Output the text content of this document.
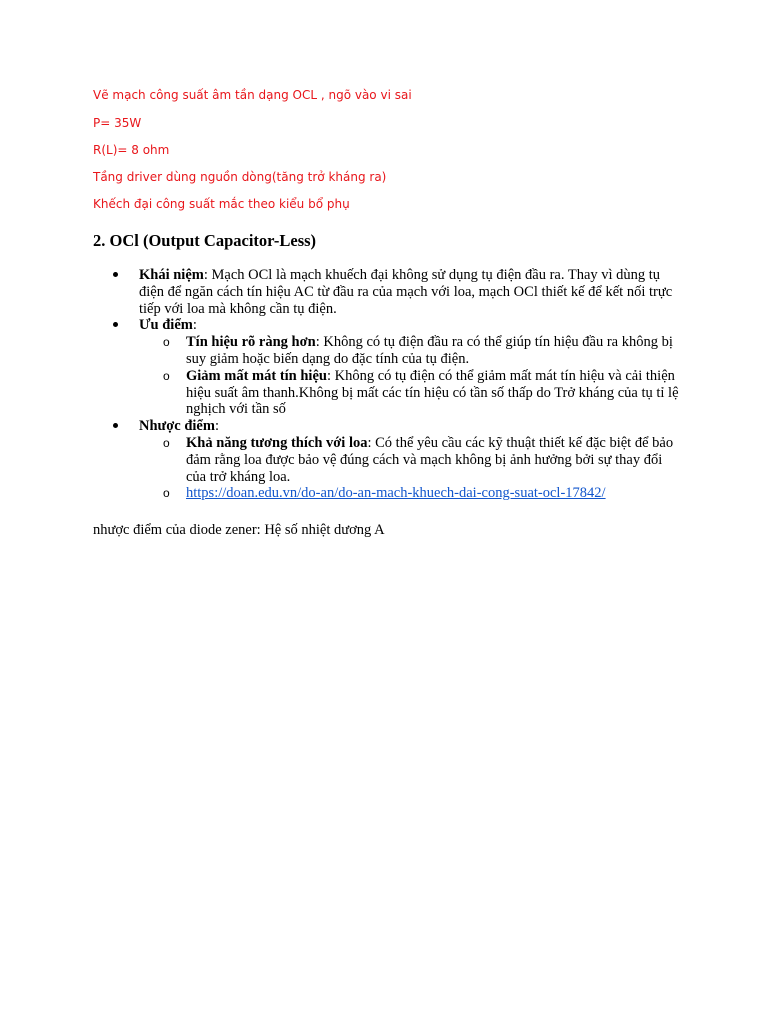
Vẽ mạch công suất âm tần dạng OCL , ngõ vào vi sai
P= 35W
R(L)= 8 ohm
Tầng driver dùng nguồn dòng(tăng trở kháng ra)
Khếch đại công suất mắc theo kiểu bổ phụ
2. OCl (Output Capacitor-Less)
Khái niệm: Mạch OCl là mạch khuếch đại không sử dụng tụ điện đầu ra. Thay vì dùng tụ điện để ngăn cách tín hiệu AC từ đầu ra của mạch với loa, mạch OCl thiết kế để kết nối trực tiếp với loa mà không cần tụ điện.
Ưu điểm:
o Tín hiệu rõ ràng hơn: Không có tụ điện đầu ra có thể giúp tín hiệu đầu ra không bị suy giảm hoặc biến dạng do đặc tính của tụ điện.
o Giảm mất mát tín hiệu: Không có tụ điện có thể giảm mất mát tín hiệu và cải thiện hiệu suất âm thanh.Không bị mất các tín hiệu có tần số thấp do Trở kháng của tụ tỉ lệ nghịch với tần số
Nhược điểm:
o Khả năng tương thích với loa: Có thể yêu cầu các kỹ thuật thiết kế đặc biệt để bảo đảm rằng loa được bảo vệ đúng cách và mạch không bị ảnh hưởng bởi sự thay đổi của trở kháng loa.
o https://doan.edu.vn/do-an/do-an-mach-khuech-dai-cong-suat-ocl-17842/
nhược điểm của diode zener: Hệ số nhiệt dương A
